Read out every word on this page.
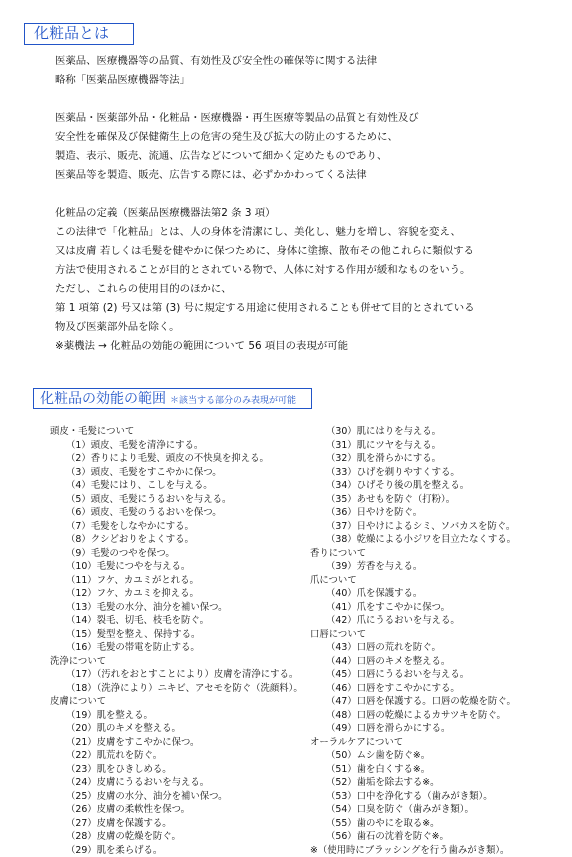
化粧品とは
医薬品、医療機器等の品質、有効性及び安全性の確保等に関する法律
略称「医薬品医療機器等法」
医薬品・医薬部外品・化粧品・医療機器・再生医療等製品の品質と有効性及び
安全性を確保及び保健衛生上の危害の発生及び拡大の防止のするために、
製造、表示、販売、流通、広告などについて細かく定めたものであり、
医薬品等を製造、販売、広告する際には、必ずかかわってくる法律
化粧品の定義（医薬品医療機器法第2 条 3 項）
この法律で「化粧品」とは、人の身体を清潔にし、美化し、魅力を増し、容貌を変え、
又は皮膚 若しくは毛髪を健やかに保つために、身体に塗擦、散布その他これらに類似する
方法で使用されることが目的とされている物で、人体に対する作用が緩和なものをいう。
ただし、これらの使用目的のほかに、
第 1 項第 (2) 号又は第 (3) 号に規定する用途に使用されることも併せて目的とされている
物及び医薬部外品を除く。
※薬機法 → 化粧品の効能の範囲について 56 項目の表現が可能
化粧品の効能の範囲 ＊該当する部分のみ表現が可能
頭皮・毛髪について
（1）頭皮、毛髪を清浄にする。
（2）香りにより毛髪、頭皮の不快臭を抑える。
（3）頭皮、毛髪をすこやかに保つ。
（4）毛髪にはり、こしを与える。
（5）頭皮、毛髪にうるおいを与える。
（6）頭皮、毛髪のうるおいを保つ。
（7）毛髪をしなやかにする。
（8）クシどおりをよくする。
（9）毛髪のつやを保つ。
（10）毛髪につやを与える。
（11）フケ、カユミがとれる。
（12）フケ、カユミを抑える。
（13）毛髪の水分、油分を補い保つ。
（14）裂毛、切毛、枝毛を防ぐ。
（15）髪型を整え、保持する。
（16）毛髪の帯電を防止する。
洗浄について
（17）（汚れをおとすことにより）皮膚を清浄にする。
（18）（洗浄により）ニキビ、アセモを防ぐ（洗顔料）。
皮膚について
（19）肌を整える。
（20）肌のキメを整える。
（21）皮膚をすこやかに保つ。
（22）肌荒れを防ぐ。
（23）肌をひきしめる。
（24）皮膚にうるおいを与える。
（25）皮膚の水分、油分を補い保つ。
（26）皮膚の柔軟性を保つ。
（27）皮膚を保護する。
（28）皮膚の乾燥を防ぐ。
（29）肌を柔らげる。
（30）肌にはりを与える。
（31）肌にツヤを与える。
（32）肌を滑らかにする。
（33）ひげを剃りやすくする。
（34）ひげそり後の肌を整える。
（35）あせもを防ぐ（打粉）。
（36）日やけを防ぐ。
（37）日やけによるシミ、ソバカスを防ぐ。
（38）乾燥による小ジワを目立たなくする。
香りについて
（39）芳香を与える。
爪について
（40）爪を保護する。
（41）爪をすこやかに保つ。
（42）爪にうるおいを与える。
口唇について
（43）口唇の荒れを防ぐ。
（44）口唇のキメを整える。
（45）口唇にうるおいを与える。
（46）口唇をすこやかにする。
（47）口唇を保護する。口唇の乾燥を防ぐ。
（48）口唇の乾燥によるカサツキを防ぐ。
（49）口唇を滑らかにする。
オーラルケアについて
（50）ムシ歯を防ぐ※。
（51）歯を白くする※。
（52）歯垢を除去する※。
（53）口中を浄化する（歯みがき類）。
（54）口臭を防ぐ（歯みがき類）。
（55）歯のやにを取る※。
（56）歯石の沈着を防ぐ※。
※（使用時にブラッシングを行う歯みがき類）。
